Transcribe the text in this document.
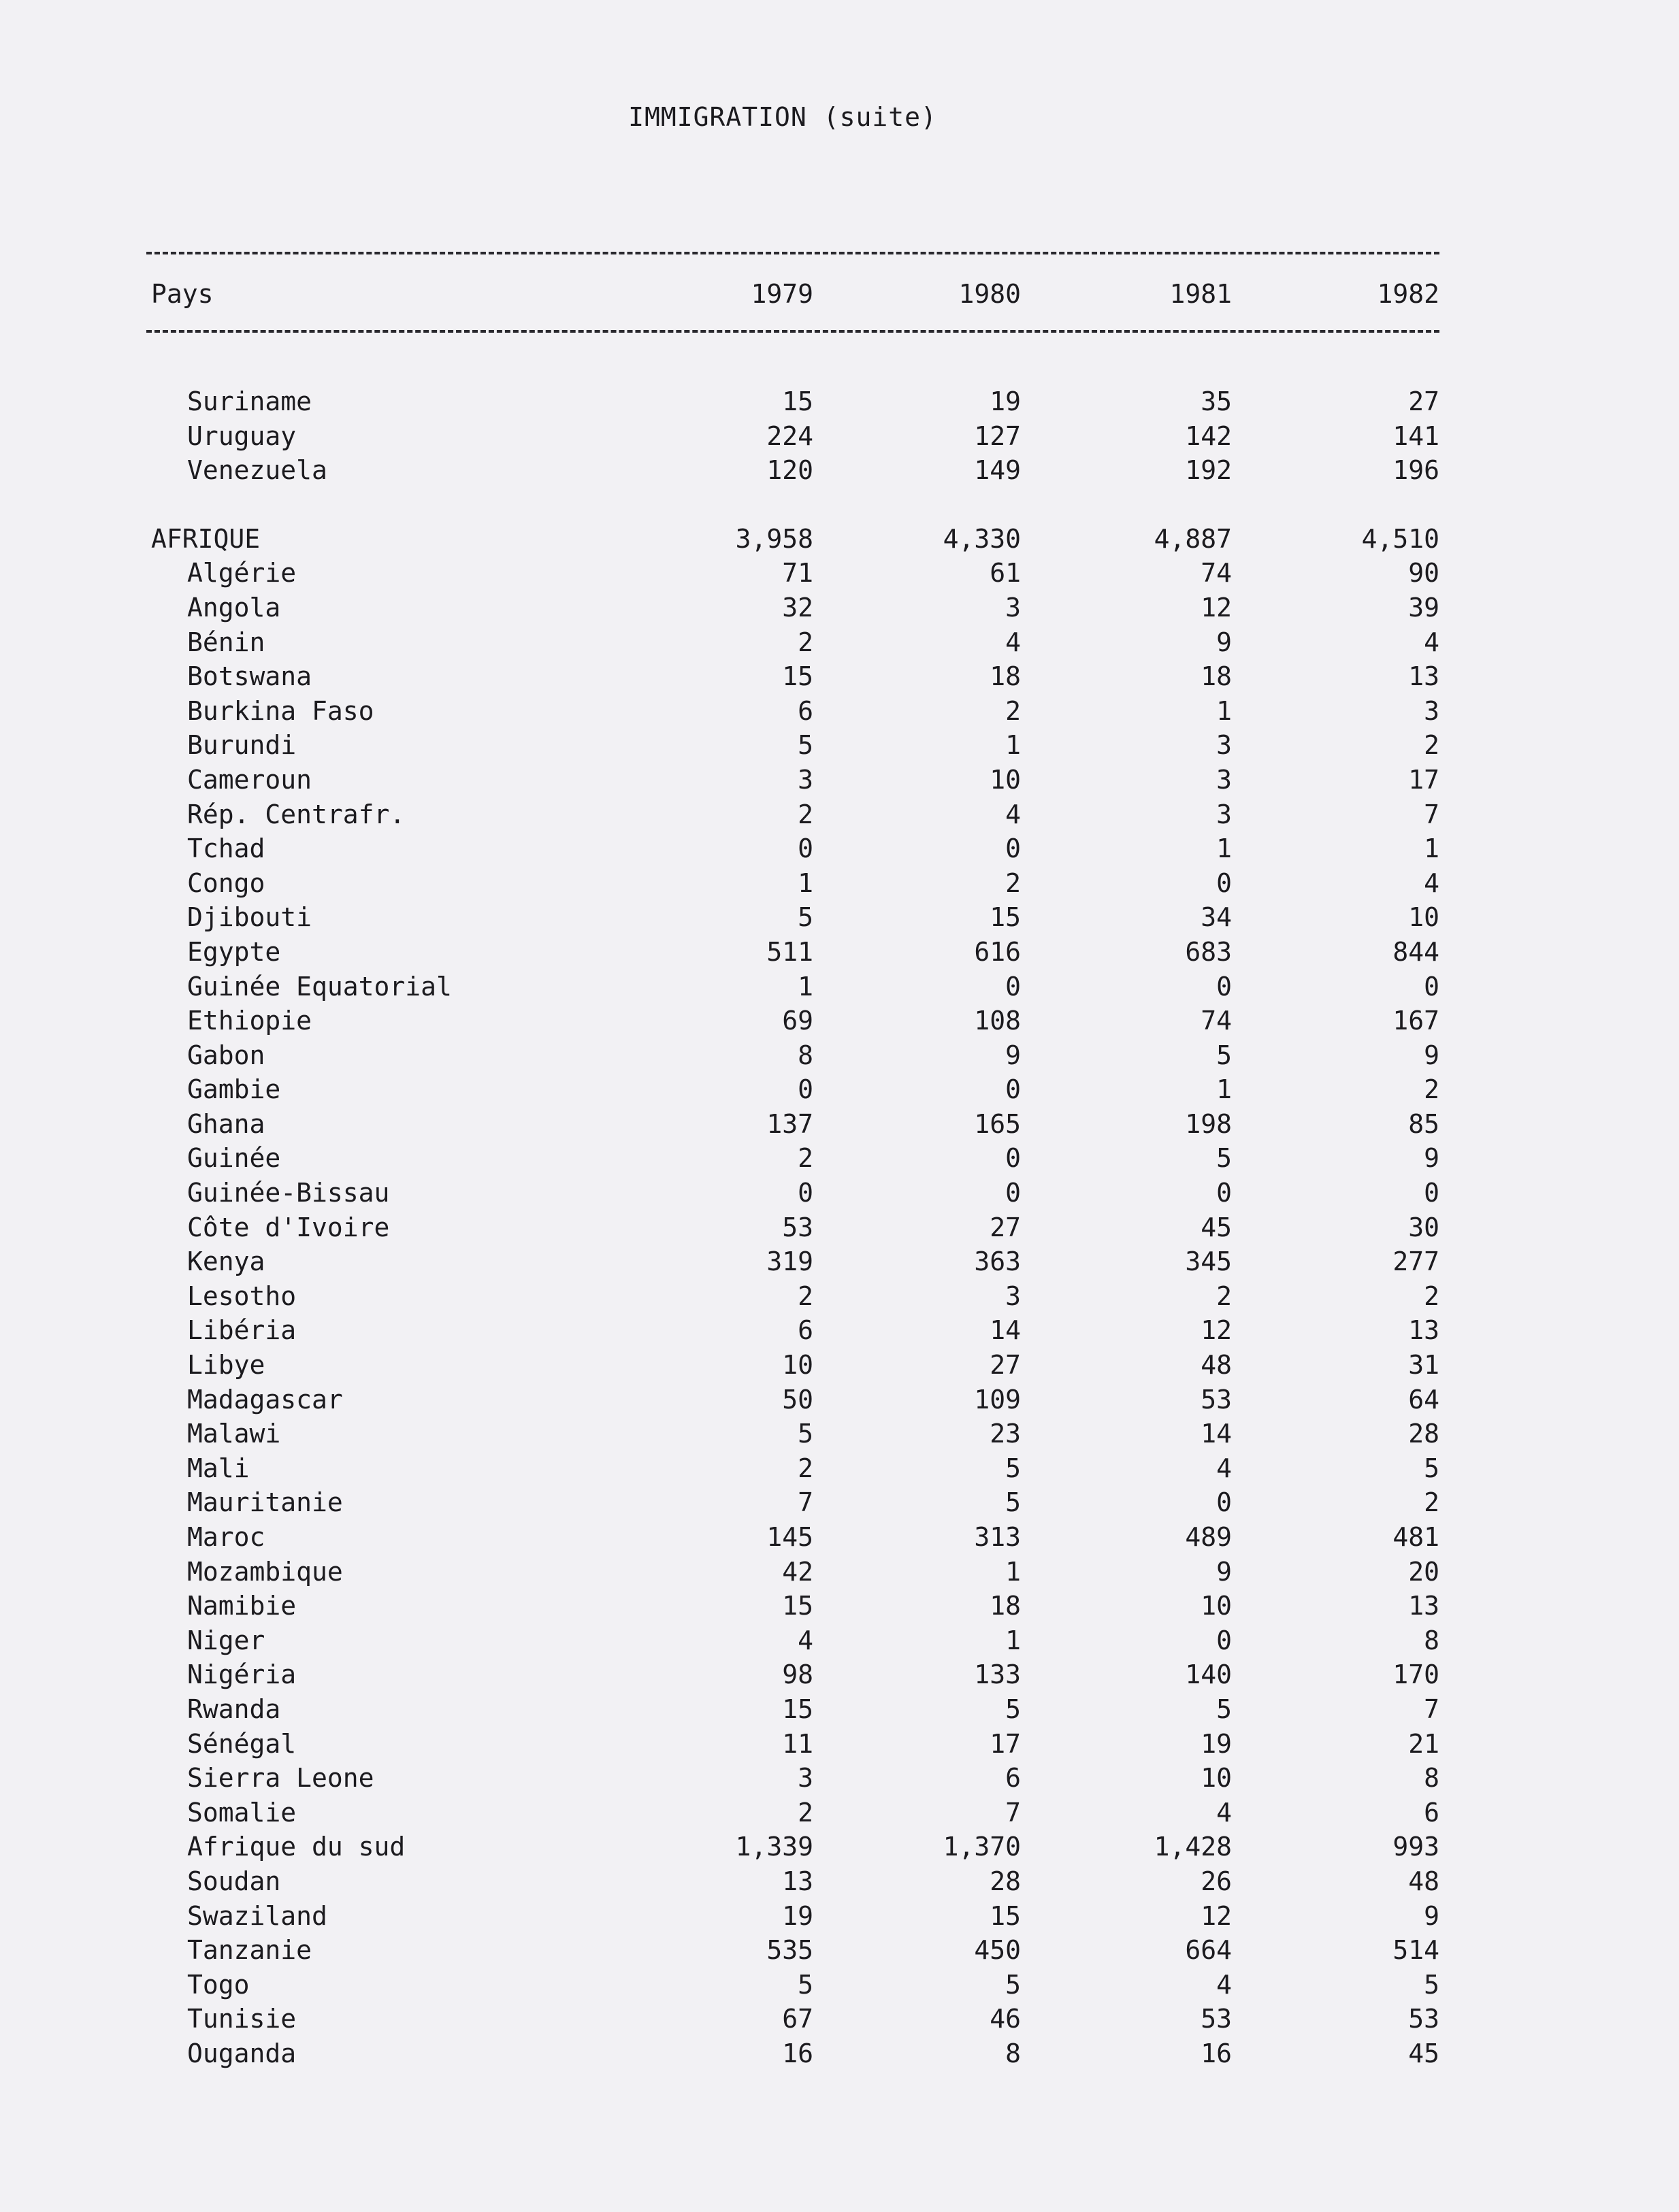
IMMIGRATION (suite)
Pays	1979	1980	1981	1982
Suriname	15	19	35	27
Uruguay	224	127	142	141
Venezuela	120	149	192	196
AFRIQUE	3,958	4,330	4,887	4,510
Algérie	71	61	74	90
Angola	32	3	12	39
Bénin	2	4	9	4
Botswana	15	18	18	13
Burkina Faso	6	2	1	3
Burundi	5	1	3	2
Cameroun	3	10	3	17
Rép. Centrafr.	2	4	3	7
Tchad	0	0	1	1
Congo	1	2	0	4
Djibouti	5	15	34	10
Egypte	511	616	683	844
Guinée Equatorial	1	0	0	0
Ethiopie	69	108	74	167
Gabon	8	9	5	9
Gambie	0	0	1	2
Ghana	137	165	198	85
Guinée	2	0	5	9
Guinée-Bissau	0	0	0	0
Côte d'Ivoire	53	27	45	30
Kenya	319	363	345	277
Lesotho	2	3	2	2
Libéria	6	14	12	13
Libye	10	27	48	31
Madagascar	50	109	53	64
Malawi	5	23	14	28
Mali	2	5	4	5
Mauritanie	7	5	0	2
Maroc	145	313	489	481
Mozambique	42	1	9	20
Namibie	15	18	10	13
Niger	4	1	0	8
Nigéria	98	133	140	170
Rwanda	15	5	5	7
Sénégal	11	17	19	21
Sierra Leone	3	6	10	8
Somalie	2	7	4	6
Afrique du sud	1,339	1,370	1,428	993
Soudan	13	28	26	48
Swaziland	19	15	12	9
Tanzanie	535	450	664	514
Togo	5	5	4	5
Tunisie	67	46	53	53
Ouganda	16	8	16	45
